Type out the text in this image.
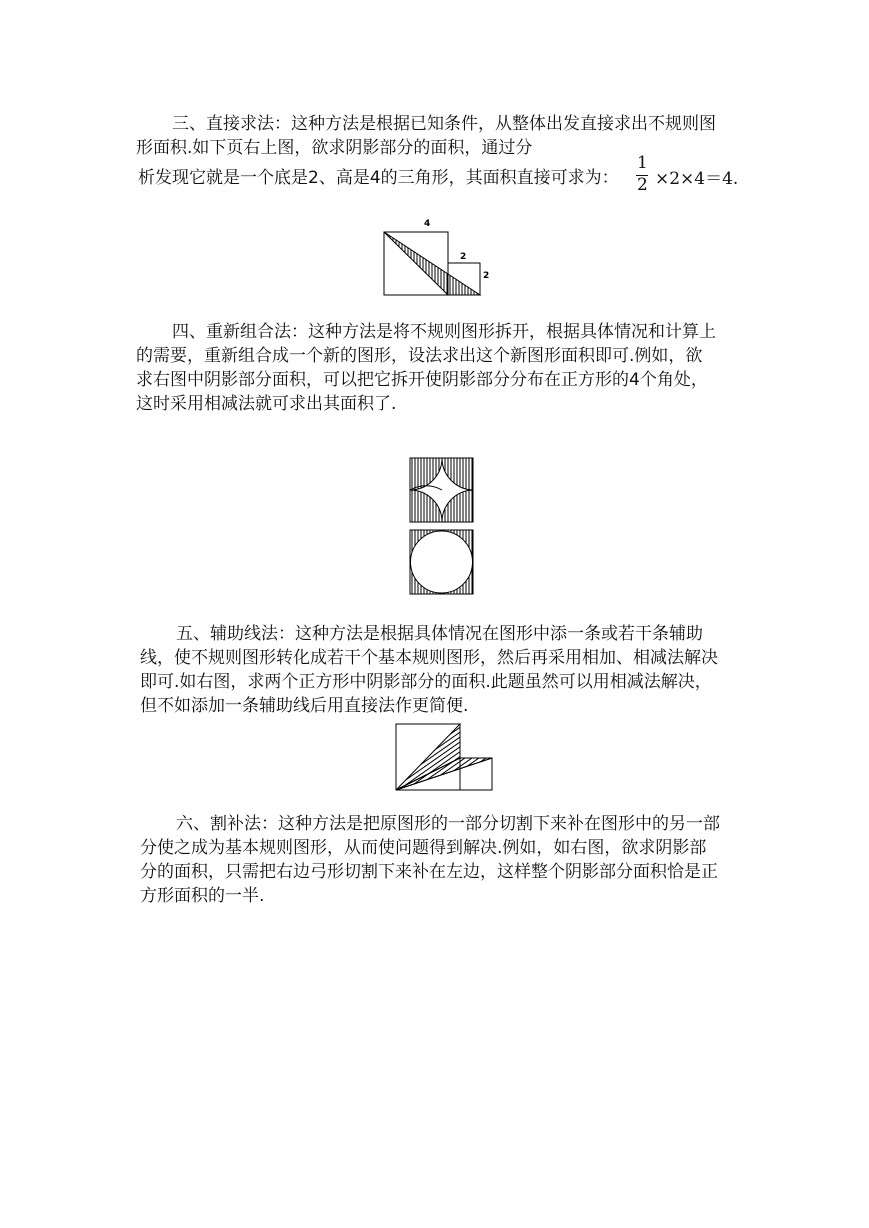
三、直接求法：这种方法是根据已知条件，从整体出发直接求出不规则图
形面积.如下页右上图，欲求阴影部分的面积，通过分
析发现它就是一个底是2、高是4的三角形，其面积直接可求为：
1
2 ×2×4＝4.
4
2
2
四、重新组合法：这种方法是将不规则图形拆开，根据具体情况和计算上
的需要，重新组合成一个新的图形，设法求出这个新图形面积即可.例如，欲
求右图中阴影部分面积，可以把它拆开使阴影部分分布在正方形的4个角处，
这时采用相减法就可求出其面积了.
五、辅助线法：这种方法是根据具体情况在图形中添一条或若干条辅助
线，使不规则图形转化成若干个基本规则图形，然后再采用相加、相减法解决
即可.如右图，求两个正方形中阴影部分的面积.此题虽然可以用相减法解决，
但不如添加一条辅助线后用直接法作更简便.
六、割补法：这种方法是把原图形的一部分切割下来补在图形中的另一部
分使之成为基本规则图形，从而使问题得到解决.例如，如右图，欲求阴影部
分的面积，只需把右边弓形切割下来补在左边，这样整个阴影部分面积恰是正
方形面积的一半.
